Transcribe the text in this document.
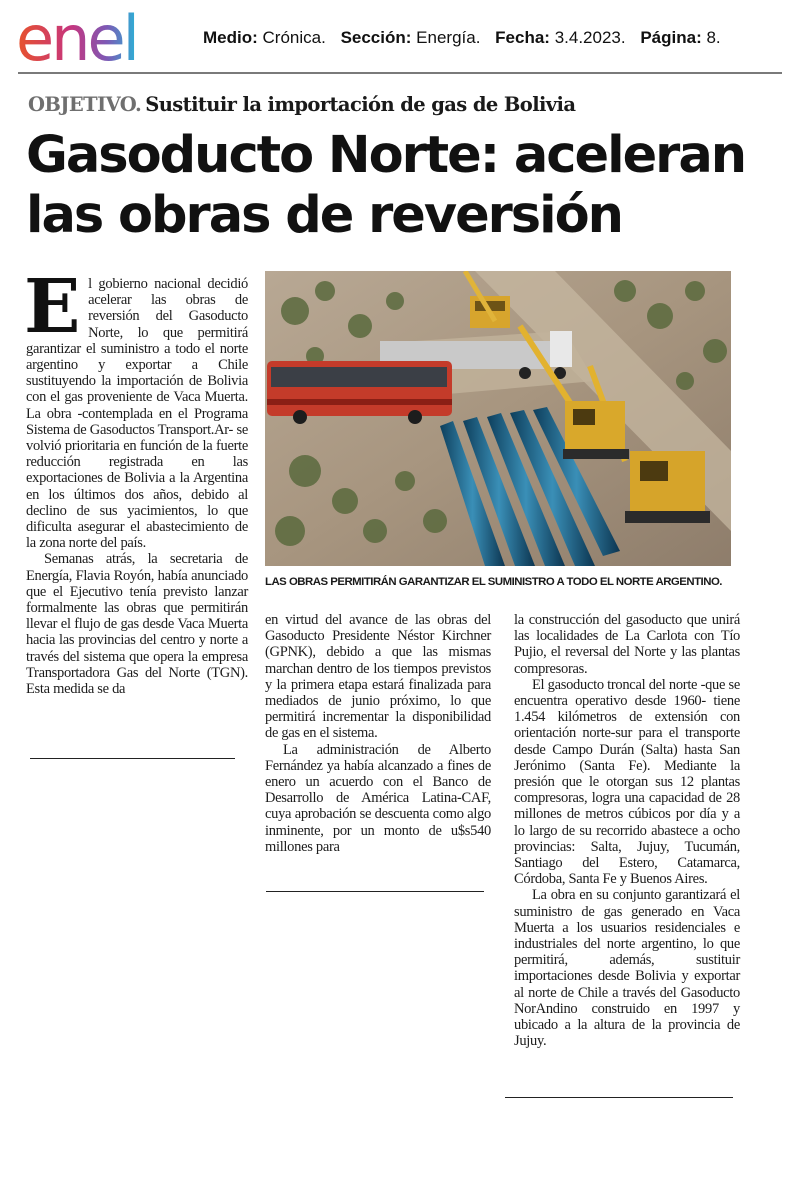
enel	Medio: Crónica. Sección: Energía. Fecha: 3.4.2023. Página: 8.
OBJETIVO. Sustituir la importación de gas de Bolivia
Gasoducto Norte: aceleran las obras de reversión
LAS OBRAS PERMITIRÁN GARANTIZAR EL SUMINISTRO A TODO EL NORTE ARGENTINO.

El gobierno nacional decidió acelerar las obras de reversión del Gasoducto Norte, lo que permitirá garantizar el suministro a todo el norte argentino y exportar a Chile sustituyendo la importación de Bolivia con el gas proveniente de Vaca Muerta. La obra -contemplada en el Programa Sistema de Gasoductos Transport.Ar- se volvió prioritaria en función de la fuerte reducción registrada en las exportaciones de Bolivia a la Argentina en los últimos dos años, debido al declino de sus yacimientos, lo que dificulta asegurar el abastecimiento de la zona norte del país.

Semanas atrás, la secretaria de Energía, Flavia Royón, había anunciado que el Ejecutivo tenía previsto lanzar formalmente las obras que permitirán llevar el flujo de gas desde Vaca Muerta hacia las provincias del centro y norte a través del sistema que opera la empresa Transportadora Gas del Norte (TGN). Esta medida se da

en virtud del avance de las obras del Gasoducto Presidente Néstor Kirchner (GPNK), debido a que las mismas marchan dentro de los tiempos previstos y la primera etapa estará finalizada para mediados de junio próximo, lo que permitirá incrementar la disponibilidad de gas en el sistema.

La administración de Alberto Fernández ya había alcanzado a fines de enero un acuerdo con el Banco de Desarrollo de América Latina-CAF, cuya aprobación se descuenta como algo inminente, por un monto de u$s540 millones para

la construcción del gasoducto que unirá las localidades de La Carlota con Tío Pujio, el reversal del Norte y las plantas compresoras.

El gasoducto troncal del norte -que se encuentra operativo desde 1960- tiene 1.454 kilómetros de extensión con orientación norte-sur para el transporte desde Campo Durán (Salta) hasta San Jerónimo (Santa Fe). Mediante la presión que le otorgan sus 12 plantas compresoras, logra una capacidad de 28 millones de metros cúbicos por día y a lo largo de su recorrido abastece a ocho provincias: Salta, Jujuy, Tucumán, Santiago del Estero, Catamarca, Córdoba, Santa Fe y Buenos Aires.

La obra en su conjunto garantizará el suministro de gas generado en Vaca Muerta a los usuarios residenciales e industriales del norte argentino, lo que permitirá, además, sustituir importaciones desde Bolivia y exportar al norte de Chile a través del Gasoducto NorAndino construido en 1997 y ubicado a la altura de la provincia de Jujuy.
